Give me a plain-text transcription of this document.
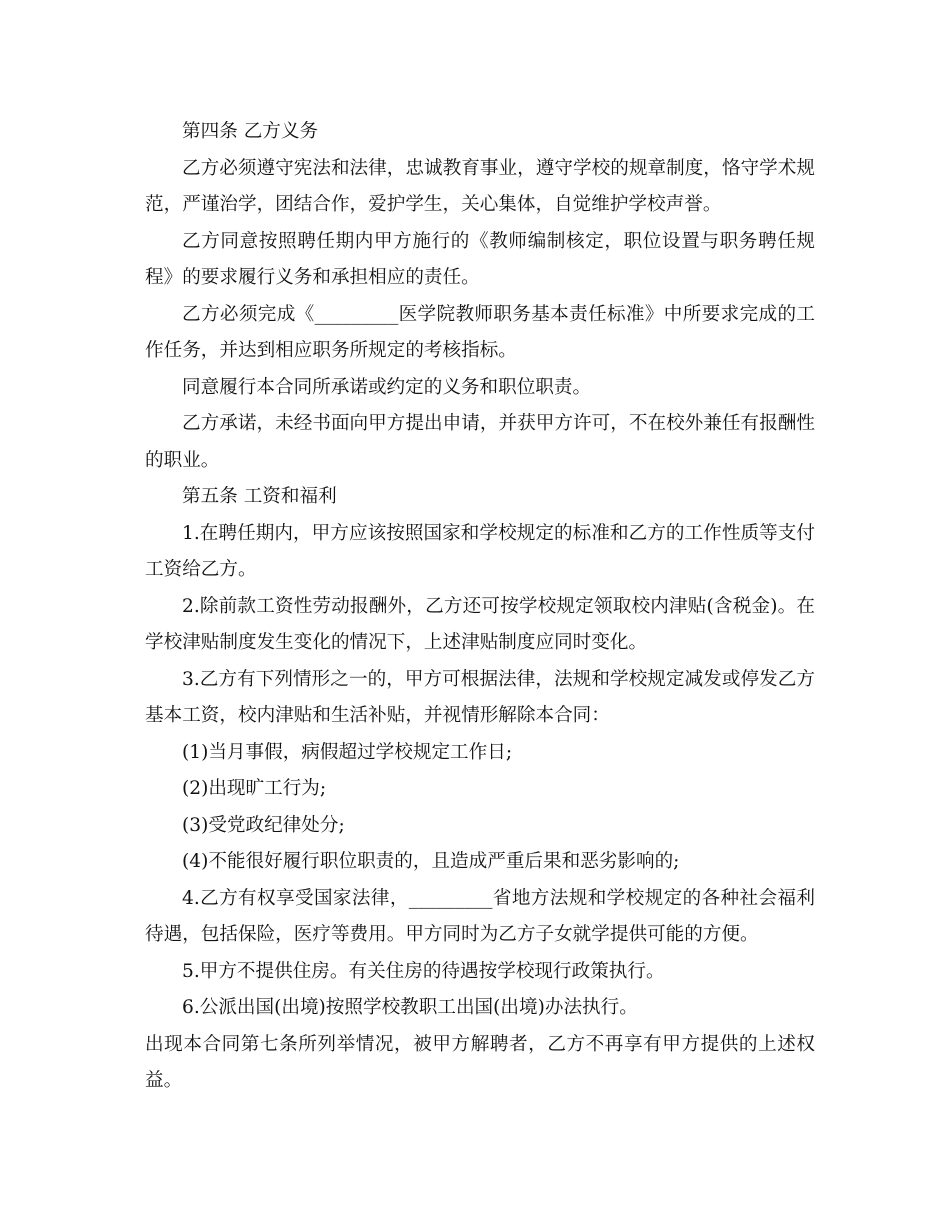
第四条 乙方义务

乙方必须遵守宪法和法律，忠诚教育事业，遵守学校的规章制度，恪守学术规范，严谨治学，团结合作，爱护学生，关心集体，自觉维护学校声誉。

乙方同意按照聘任期内甲方施行的《教师编制核定，职位设置与职务聘任规程》的要求履行义务和承担相应的责任。

乙方必须完成《_________医学院教师职务基本责任标准》中所要求完成的工作任务，并达到相应职务所规定的考核指标。

同意履行本合同所承诺或约定的义务和职位职责。

乙方承诺，未经书面向甲方提出申请，并获甲方许可，不在校外兼任有报酬性的职业。

第五条 工资和福利

1.在聘任期内，甲方应该按照国家和学校规定的标准和乙方的工作性质等支付工资给乙方。

2.除前款工资性劳动报酬外，乙方还可按学校规定领取校内津贴(含税金)。在学校津贴制度发生变化的情况下，上述津贴制度应同时变化。

3.乙方有下列情形之一的，甲方可根据法律，法规和学校规定减发或停发乙方基本工资，校内津贴和生活补贴，并视情形解除本合同：

(1)当月事假，病假超过学校规定工作日;

(2)出现旷工行为;

(3)受党政纪律处分;

(4)不能很好履行职位职责的，且造成严重后果和恶劣影响的;

4.乙方有权享受国家法律，_________省地方法规和学校规定的各种社会福利待遇，包括保险，医疗等费用。甲方同时为乙方子女就学提供可能的方便。

5.甲方不提供住房。有关住房的待遇按学校现行政策执行。

6.公派出国(出境)按照学校教职工出国(出境)办法执行。

出现本合同第七条所列举情况，被甲方解聘者，乙方不再享有甲方提供的上述权益。
